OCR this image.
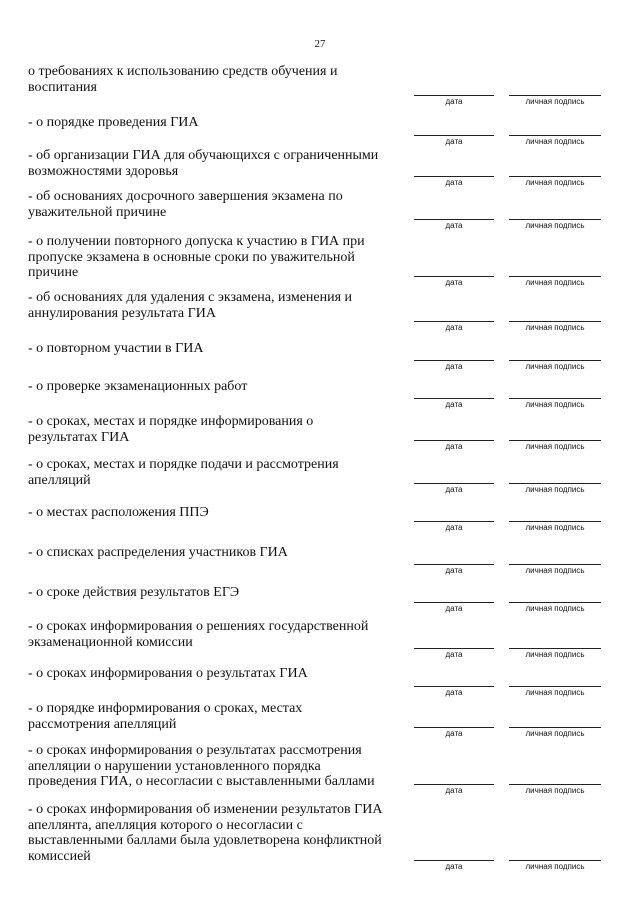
27

о требованиях к использованию средств обучения и
воспитания

дата	личная подпись

- о порядке проведения ГИА

дата	личная подпись

- об организации ГИА для обучающихся с ограниченными
возможностями здоровья

дата	личная подпись

- об основаниях досрочного завершения экзамена по
уважительной причине

дата	личная подпись

- о получении повторного допуска к участию в ГИА при
пропуске экзамена в основные сроки по уважительной
причине

дата	личная подпись

- об основаниях для удаления с экзамена, изменения и
аннулирования результата ГИА

дата	личная подпись

- о повторном участии в ГИА

дата	личная подпись

- о проверке экзаменационных работ

дата	личная подпись

- о сроках, местах и порядке информирования о
результатах ГИА

дата	личная подпись

- о сроках, местах и порядке подачи и рассмотрения
апелляций

дата	личная подпись

- о местах расположения ППЭ

дата	личная подпись

- о списках распределения участников ГИА

дата	личная подпись

- о сроке действия результатов ЕГЭ

дата	личная подпись

- о сроках информирования о решениях государственной
экзаменационной комиссии

дата	личная подпись

- о сроках информирования о результатах ГИА

дата	личная подпись

- о порядке информирования о сроках, местах
рассмотрения апелляций

дата	личная подпись

- о сроках информирования о результатах рассмотрения
апелляции о нарушении установленного порядка
проведения ГИА, о несогласии с выставленными баллами

дата	личная подпись

- о сроках информирования об изменении результатов ГИА
апеллянта, апелляция которого о несогласии с
выставленными баллами была удовлетворена конфликтной
комиссией

дата	личная подпись
